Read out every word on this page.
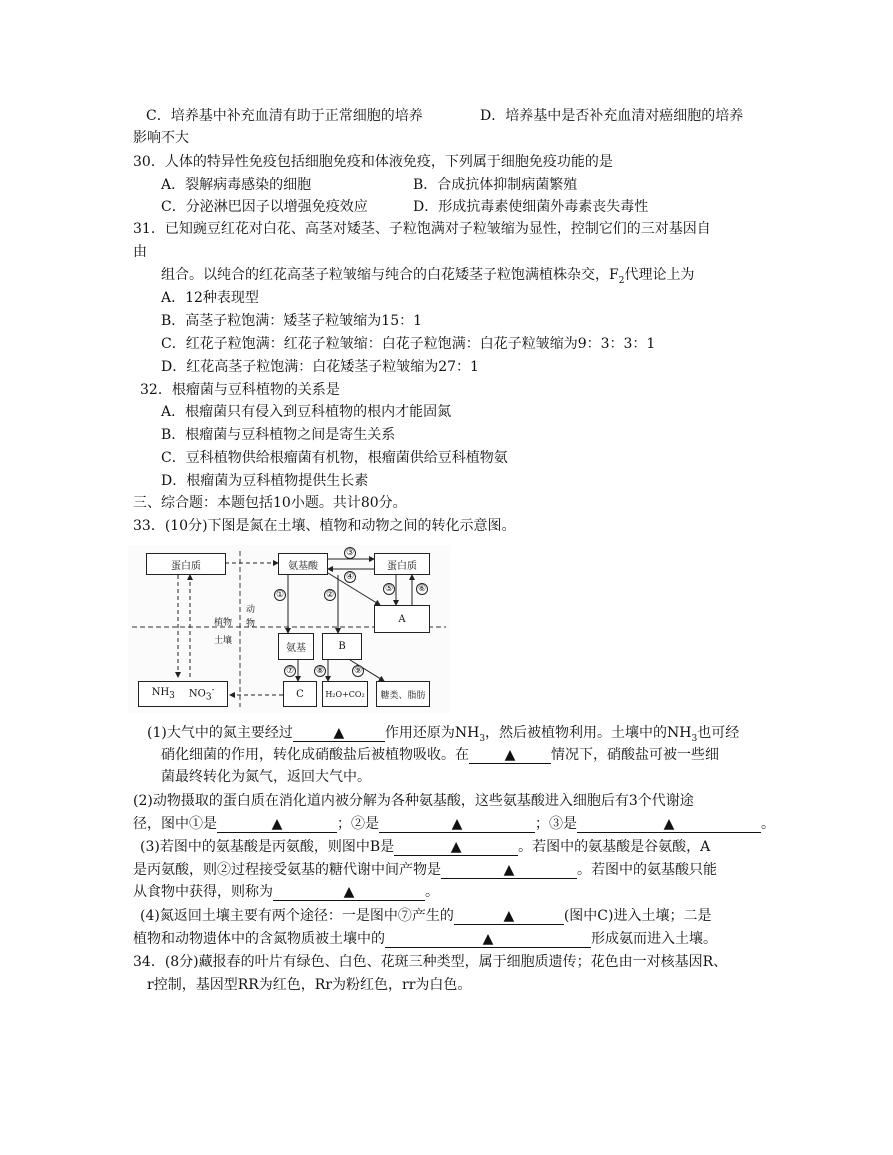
C．培养基中补充血清有助于正常细胞的培养	D．培养基中是否补充血清对癌细胞的培养
影响不大
30．人体的特异性免疫包括细胞免疫和体液免疫，下列属于细胞免疫功能的是
A．裂解病毒感染的细胞	B．合成抗体抑制病菌繁殖
C．分泌淋巴因子以增强免疫效应	D．形成抗毒素使细菌外毒素丧失毒性
31．已知豌豆红花对白花、高茎对矮茎、子粒饱满对子粒皱缩为显性，控制它们的三对基因自
由
组合。以纯合的红花高茎子粒皱缩与纯合的白花矮茎子粒饱满植株杂交，$F_2$代理论上为
A．12种表现型
B．高茎子粒饱满：矮茎子粒皱缩为15：1
C．红花子粒饱满：红花子粒皱缩：白花子粒饱满：白花子粒皱缩为9：3：3：1
D．红花高茎子粒饱满：白花矮茎子粒皱缩为27：1
32．根瘤菌与豆科植物的关系是
A．根瘤菌只有侵入到豆科植物的根内才能固氮
B．根瘤菌与豆科植物之间是寄生关系
C．豆科植物供给根瘤菌有机物，根瘤菌供给豆科植物氨
D．根瘤菌为豆科植物提供生长素
三、综合题：本题包括10小题。共计80分。
33．(10分)下图是氮在土壤、植物和动物之间的转化示意图。
蛋白质	氨基酸	蛋白质
A
氨基	B
$NH_3$ $NO_3^-$	C	H₂O+CO₂	糖类、脂肪
植物
动物
土壤
③
④
①	②
⑤	⑥
⑦ ⑧	⑨
(1)大气中的氮主要经过	▲	作用还原为$NH_3$，然后被植物利用。土壤中的$NH_3$也可经
硝化细菌的作用，转化成硝酸盐后被植物吸收。在	▲	情况下，硝酸盐可被一些细
菌最终转化为氮气，返回大气中。
(2)动物摄取的蛋白质在消化道内被分解为各种氨基酸，这些氨基酸进入细胞后有3个代谢途
径，图中①是	▲	；②是	▲	；③是	▲	。
(3)若图中的氨基酸是丙氨酸，则图中B是	▲	。若图中的氨基酸是谷氨酸，A
是丙氨酸，则②过程接受氨基的糖代谢中间产物是	▲	。若图中的氨基酸只能
从食物中获得，则称为	▲	。
(4)氮返回土壤主要有两个途径：一是图中⑦产生的	▲	(图中C)进入土壤；二是
植物和动物遗体中的含氮物质被土壤中的	▲	形成氨而进入土壤。
34．(8分)藏报春的叶片有绿色、白色、花斑三种类型，属于细胞质遗传；花色由一对核基因R、
r控制，基因型RR为红色，Rr为粉红色，rr为白色。
